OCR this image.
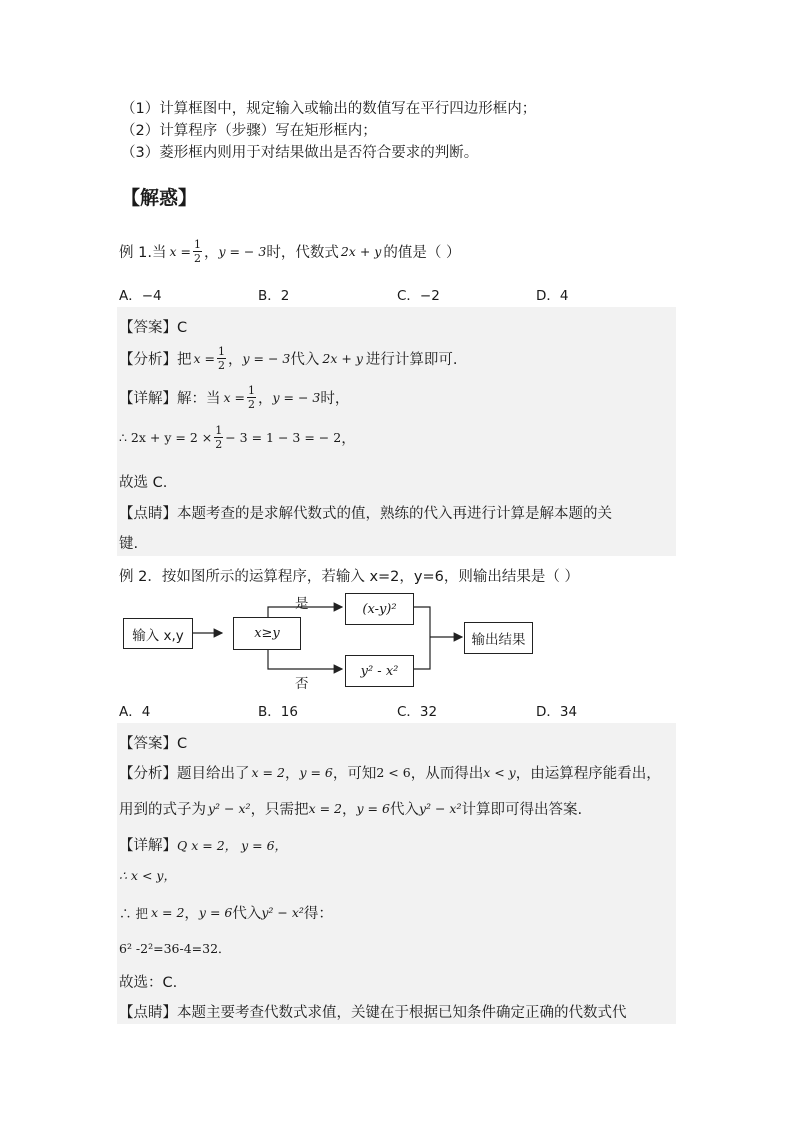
（1）计算框图中，规定输入或输出的数值写在平行四边形框内；
（2）计算程序（步骤）写在矩形框内；
（3）菱形框内则用于对结果做出是否符合要求的判断。
【解惑】
例 1.当 $x = \frac{1}{2}$ ， y = − 3 时，代数式 2x + y 的值是（ ）
A．−4	B．2	C．−2	D．4
【答案】C
【分析】 把 $x = \frac{1}{2}$ ， y = − 3 代入 2x + y 进行计算即可.
【详解】 解：当 $x = \frac{1}{2}$ ， y = − 3 时，
∴ $2x + y = 2 \times \frac{1}{2} - 3 = 1 - 3$ = − 2 ，
故选 C.
【点睛】本题考查的是求解代数式的值，熟练的代入再进行计算是解本题的关
键.
例 2．按如图所示的运算程序，若输入 x=2，y=6，则输出结果是（ ）
输入 x,y	x≥y
(x-y)²
y² - x²
输出结果
是
否
A．4	B．16	C．32	D．34
【答案】C
【分析】 题目给出了 x = 2 ， y = 6 ，可知 2 < 6 ，从而得出 x < y ，由运算程序能看出，
用到的式子为 y² − x² ，只需把 x = 2 ， y = 6 代入 y² − x² 计算即可得出答案.
【详解】 Q x = 2， y = 6，
∴ x < y，
∴ 把 x = 2 ， y = 6 代入 y² − x² 得：
6² -2²=36-4=32．
故选：C.
【点睛】本题主要考查代数式求值，关键在于根据已知条件确定正确的代数式代
